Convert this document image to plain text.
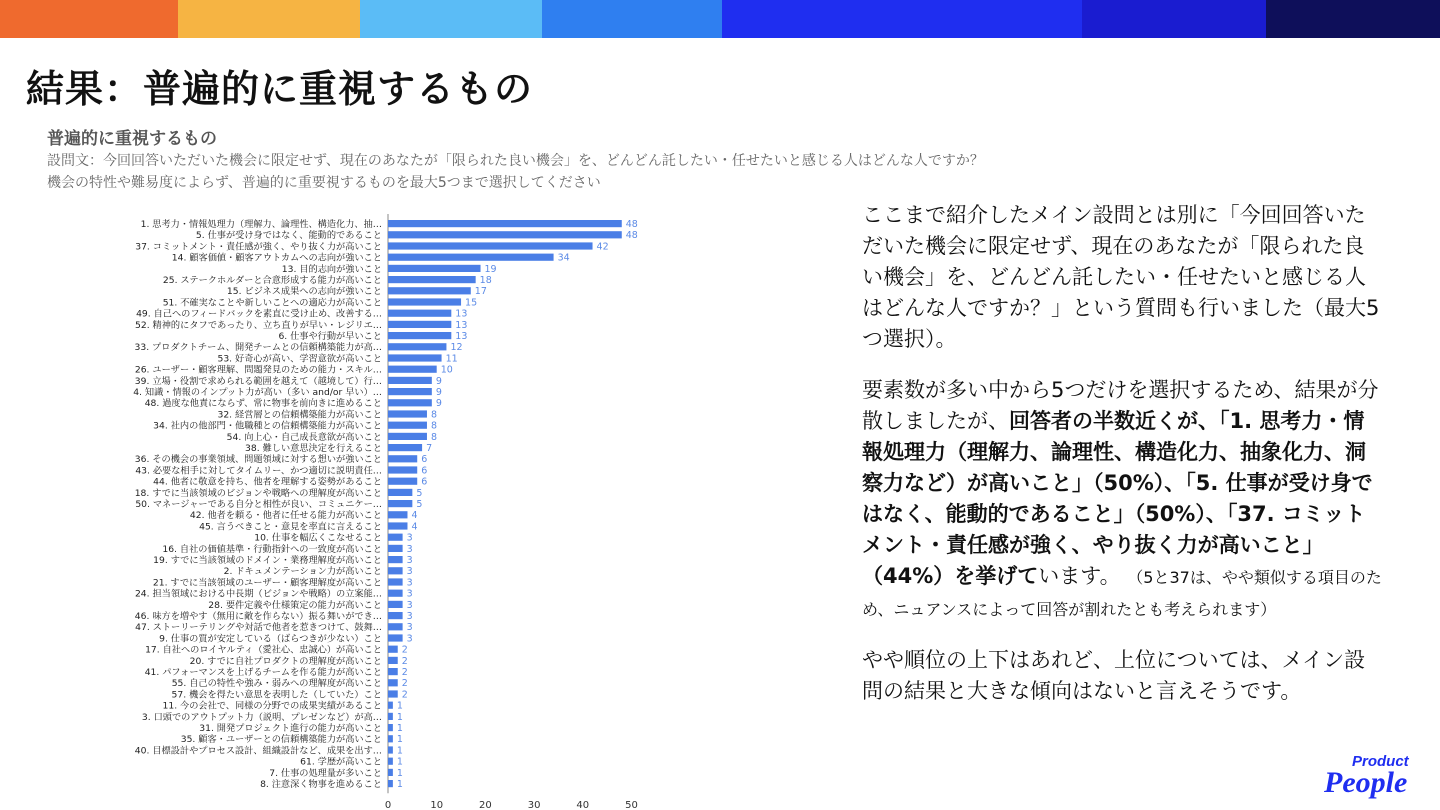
結果：普遍的に重視するもの
普遍的に重視するもの
設問文：今回回答いただいた機会に限定せず、現在のあなたが「限られた良い機会」を、どんどん託したい・任せたいと感じる人はどんな人ですか？
機会の特性や難易度によらず、普遍的に重要視するものを最大5つまで選択してください
1. 思考力・情報処理力（理解力、論理性、構造化力、抽…	48
5. 仕事が受け身ではなく、能動的であること	48
37. コミットメント・責任感が強く、やり抜く力が高いこと	42
14. 顧客価値・顧客アウトカムへの志向が強いこと	34
13. 目的志向が強いこと	19
25. ステークホルダーと合意形成する能力が高いこと	18
15. ビジネス成果への志向が強いこと	17
51. 不確実なことや新しいことへの適応力が高いこと	15
49. 自己へのフィードバックを素直に受け止め、改善する…	13
52. 精神的にタフであったり、立ち直りが早い・レジリエ…	13
6. 仕事や行動が早いこと	13
33. プロダクトチーム、開発チームとの信頼構築能力が高…	12
53. 好奇心が高い、学習意欲が高いこと	11
26. ユーザー・顧客理解、問題発見のための能力・スキル…	10
39. 立場・役割で求められる範囲を越えて（越境して）行…	9
4. 知識・情報のインプット力が高い（多い and/or 早い）…	9
48. 過度な他責にならず、常に物事を前向きに進めること	9
32. 経営層との信頼構築能力が高いこと	8
34. 社内の他部門・他職種との信頼構築能力が高いこと	8
54. 向上心・自己成長意欲が高いこと	8
38. 難しい意思決定を行えること	7
36. その機会の事業領域、問題領域に対する想いが強いこと	6
43. 必要な相手に対してタイムリー、かつ適切に説明責任…	6
44. 他者に敬意を持ち、他者を理解する姿勢があること	6
18. すでに当該領域のビジョンや戦略への理解度が高いこと	5
50. マネージャーである自分と相性が良い、コミュニケー…	5
42. 他者を頼る・他者に任せる能力が高いこと	4
45. 言うべきこと・意見を率直に言えること	4
10. 仕事を幅広くこなせること	3
16. 自社の価値基準・行動指針への一致度が高いこと	3
19. すでに当該領域のドメイン・業務理解度が高いこと	3
2. ドキュメンテーション力が高いこと	3
21. すでに当該領域のユーザー・顧客理解度が高いこと	3
24. 担当領域における中長期（ビジョンや戦略）の立案能…	3
28. 要件定義や仕様策定の能力が高いこと	3
46. 味方を増やす（無用に敵を作らない）振る舞いができ…	3
47. ストーリーテリングや対話で他者を惹きつけて、鼓舞…	3
9. 仕事の質が安定している（ばらつきが少ない）こと	3
17. 自社へのロイヤルティ（愛社心、忠誠心）が高いこと 2
20. すでに自社プロダクトの理解度が高いこと 2
41. パフォーマンスを上げるチームを作る能力が高いこと 2
55. 自己の特性や強み・弱みへの理解度が高いこと 2
57. 機会を得たい意思を表明した（していた）こと 2
11. 今の会社で、同様の分野での成果実績があること 1
3. 口頭でのアウトプット力（説明、プレゼンなど）が高… 1
31. 開発プロジェクト進行の能力が高いこと 1
35. 顧客・ユーザーとの信頼構築能力が高いこと 1
40. 目標設計やプロセス設計、組織設計など、成果を出す… 1
61. 学歴が高いこと 1
7. 仕事の処理量が多いこと 1
8. 注意深く物事を進めること 1
0	10	20	30	40	50

ここまで紹介したメイン設問とは別に「今回回答いただいた機会に限定せず、現在のあなたが「限られた良い機会」を、どんどん託したい・任せたいと感じる人はどんな人ですか？」という質問も行いました（最大5つ選択）。

要素数が多い中から5つだけを選択するため、結果が分散しましたが、回答者の半数近くが、「1. 思考力・情報処理力（理解力、論理性、構造化力、抽象化力、洞察力など）が高いこと」（50%）、「5. 仕事が受け身ではなく、能動的であること」（50%）、「37. コミットメント・責任感が強く、やり抜く力が高いこと」（44%）を挙げています。 （5と37は、やや類似する項目のため、ニュアンスによって回答が割れたとも考えられます）

やや順位の上下はあれど、上位については、メイン設問の結果と大きな傾向はないと言えそうです。

Product
People
